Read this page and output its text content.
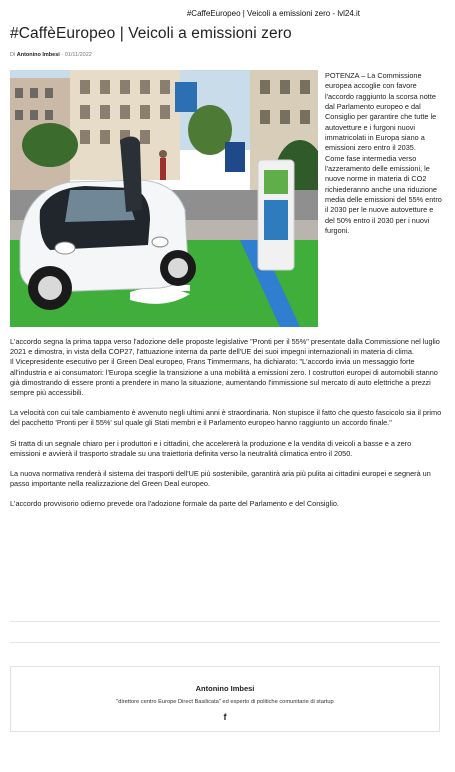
#CaffeEuropeo | Veicoli a emissioni zero - lvl24.it
#CaffèEuropeo | Veicoli a emissioni zero
Di Antonino Imbesi - 01/11/2022
POTENZA – La Commissione europea accoglie con favore l'accordo raggiunto la scorsa notte dal Parlamento europeo e dal Consiglio per garantire che tutte le autovetture e i furgoni nuovi immatricolati in Europa siano a emissioni zero entro il 2035.
Come fase intermedia verso l'azzeramento delle emissioni, le nuove norme in materia di CO2 richiederanno anche una riduzione media delle emissioni del 55% entro il 2030 per le nuove autovetture e del 50% entro il 2030 per i nuovi furgoni.

L'accordo segna la prima tappa verso l'adozione delle proposte legislative "Pronti per il 55%" presentate dalla Commissione nel luglio 2021 e dimostra, in vista della COP27, l'attuazione interna da parte dell'UE dei suoi impegni internazionali in materia di clima.

Il Vicepresidente esecutivo per il Green Deal europeo, Frans Timmermans, ha dichiarato: "L'accordo invia un messaggio forte all'industria e ai consumatori: l'Europa sceglie la transizione a una mobilità a emissioni zero. I costruttori europei di automobili stanno già dimostrando di essere pronti a prendere in mano la situazione, aumentando l'immissione sul mercato di auto elettriche a prezzi sempre più accessibili.

La velocità con cui tale cambiamento è avvenuto negli ultimi anni è straordinaria. Non stupisce il fatto che questo fascicolo sia il primo del pacchetto 'Pronti per il 55%' sul quale gli Stati membri e il Parlamento europeo hanno raggiunto un accordo finale."

Si tratta di un segnale chiaro per i produttori e i cittadini, che accelererà la produzione e la vendita di veicoli a basse e a zero emissioni e avvierà il trasporto stradale su una traiettoria definita verso la neutralità climatica entro il 2050.

La nuova normativa renderà il sistema dei trasporti dell'UE più sostenibile, garantirà aria più pulita ai cittadini europei e segnerà un passo importante nella realizzazione del Green Deal europeo.

L'accordo provvisorio odierno prevede ora l'adozione formale da parte del Parlamento e del Consiglio.

Antonino Imbesi
"direttore centro Europe Direct Basilicata" ed esperto di politiche comunitarie di startup
f
